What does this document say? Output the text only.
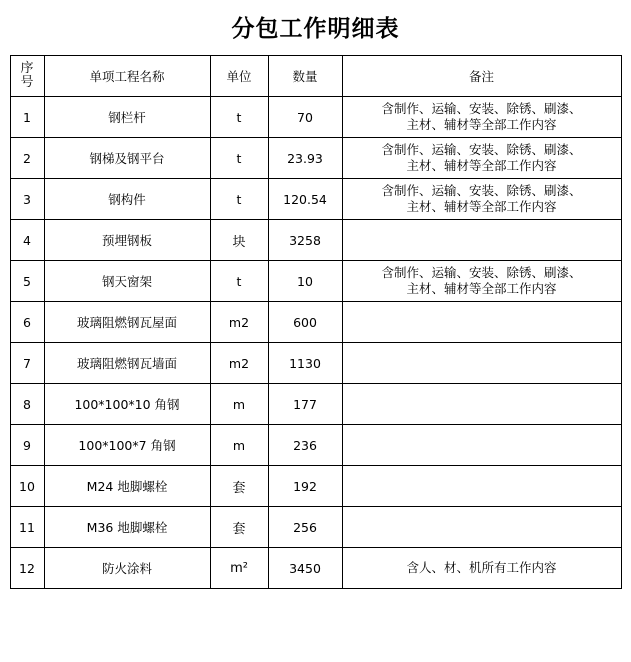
分包工作明细表
序
号	单项工程名称	单位	数量	备注
1	钢栏杆	t	70	含制作、运输、安装、除锈、刷漆、
主材、辅材等全部工作内容

2	钢梯及钢平台	t	23.93	含制作、运输、安装、除锈、刷漆、
主材、辅材等全部工作内容

3	钢构件	t	120.54	含制作、运输、安装、除锈、刷漆、
主材、辅材等全部工作内容

4	预埋钢板	块	3258	
5	钢天窗架	t	10	含制作、运输、安装、除锈、刷漆、
主材、辅材等全部工作内容

6	玻璃阻燃钢瓦屋面	m2	600	
7	玻璃阻燃钢瓦墙面	m2	1130	
8	100*100*10 角钢	m	177	
9	100*100*7 角钢	m	236	
10	M24 地脚螺栓	套	192	
11	M36 地脚螺栓	套	256	
12	防火涂料	m²	3450	含人、材、机所有工作内容
